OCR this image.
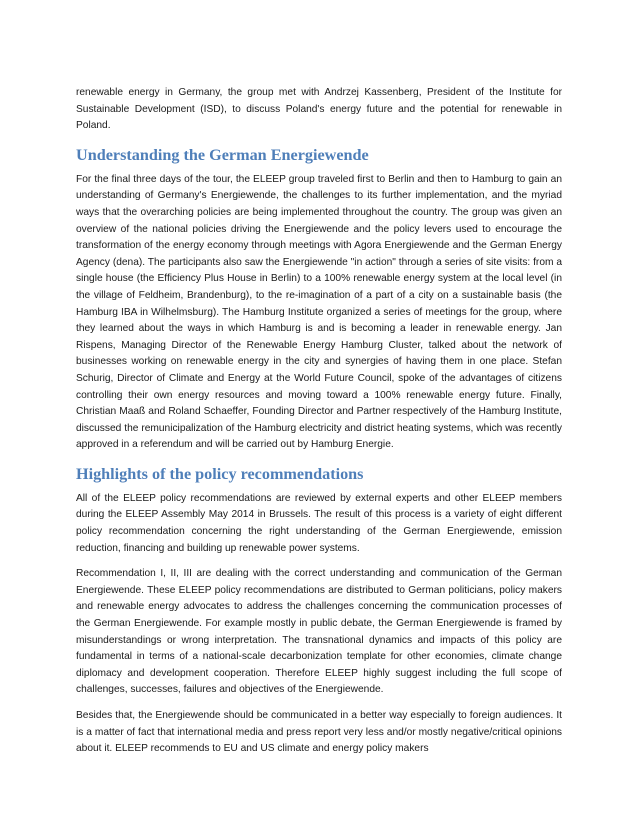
renewable energy in Germany, the group met with Andrzej Kassenberg, President of the Institute for Sustainable Development (ISD), to discuss Poland's energy future and the potential for renewable in Poland.

Understanding the German Energiewende

For the final three days of the tour, the ELEEP group traveled first to Berlin and then to Hamburg to gain an understanding of Germany's Energiewende, the challenges to its further implementation, and the myriad ways that the overarching policies are being implemented throughout the country. The group was given an overview of the national policies driving the Energiewende and the policy levers used to encourage the transformation of the energy economy through meetings with Agora Energiewende and the German Energy Agency (dena). The participants also saw the Energiewende "in action" through a series of site visits: from a single house (the Efficiency Plus House in Berlin) to a 100% renewable energy system at the local level (in the village of Feldheim, Brandenburg), to the re-imagination of a part of a city on a sustainable basis (the Hamburg IBA in Wilhelmsburg). The Hamburg Institute organized a series of meetings for the group, where they learned about the ways in which Hamburg is and is becoming a leader in renewable energy. Jan Rispens, Managing Director of the Renewable Energy Hamburg Cluster, talked about the network of businesses working on renewable energy in the city and synergies of having them in one place. Stefan Schurig, Director of Climate and Energy at the World Future Council, spoke of the advantages of citizens controlling their own energy resources and moving toward a 100% renewable energy future. Finally, Christian Maaß and Roland Schaeffer, Founding Director and Partner respectively of the Hamburg Institute, discussed the remunicipalization of the Hamburg electricity and district heating systems, which was recently approved in a referendum and will be carried out by Hamburg Energie.

Highlights of the policy recommendations

All of the ELEEP policy recommendations are reviewed by external experts and other ELEEP members during the ELEEP Assembly May 2014 in Brussels. The result of this process is a variety of eight different policy recommendation concerning the right understanding of the German Energiewende, emission reduction, financing and building up renewable power systems.

Recommendation I, II, III are dealing with the correct understanding and communication of the German Energiewende. These ELEEP policy recommendations are distributed to German politicians, policy makers and renewable energy advocates to address the challenges concerning the communication processes of the German Energiewende. For example mostly in public debate, the German Energiewende is framed by misunderstandings or wrong interpretation. The transnational dynamics and impacts of this policy are fundamental in terms of a national-scale decarbonization template for other economies, climate change diplomacy and development cooperation. Therefore ELEEP highly suggest including the full scope of challenges, successes, failures and objectives of the Energiewende.

Besides that, the Energiewende should be communicated in a better way especially to foreign audiences. It is a matter of fact that international media and press report very less and/or mostly negative/critical opinions about it. ELEEP recommends to EU and US climate and energy policy makers
